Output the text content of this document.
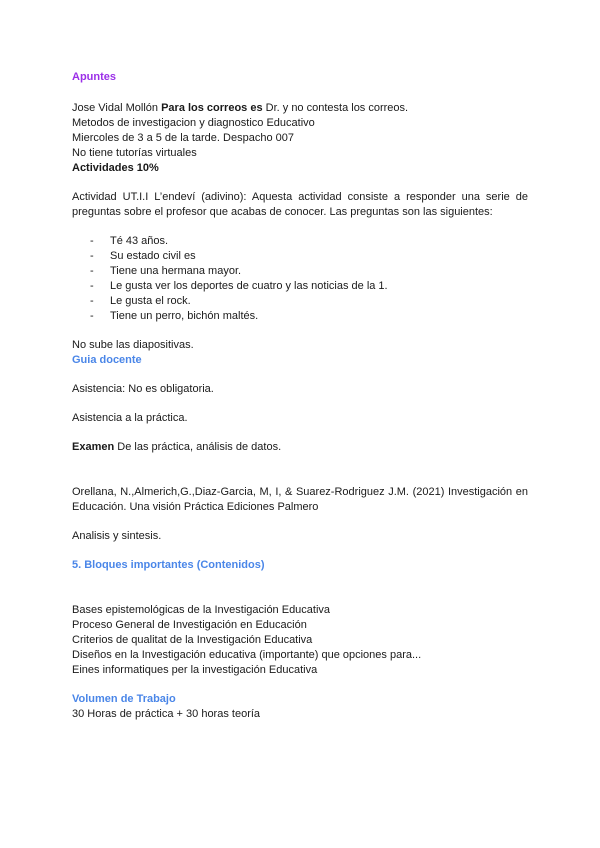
Apuntes
Jose Vidal Mollón Para los correos es Dr. y no contesta los correos.
Metodos de investigacion y diagnostico Educativo
Miercoles de 3 a 5 de la tarde. Despacho 007
No tiene tutorías virtuales
Actividades 10%
Actividad UT.I.I L’endeví (adivino): Aquesta actividad consiste a responder una serie de preguntas sobre el profesor que acabas de conocer. Las preguntas son las siguientes:
- Té 43 años.
- Su estado civil es
- Tiene una hermana mayor.
- Le gusta ver los deportes de cuatro y las noticias de la 1.
- Le gusta el rock.
- Tiene un perro, bichón maltés.
No sube las diapositivas.
Guia docente
Asistencia: No es obligatoria.
Asistencia a la práctica.
Examen De las práctica, análisis de datos.
Orellana, N.,Almerich,G.,Diaz-Garcia, M, I, & Suarez-Rodriguez J.M. (2021) Investigación en Educación. Una visión Práctica Ediciones Palmero
Analisis y sintesis.
5. Bloques importantes (Contenidos)
Bases epistemológicas de la Investigación Educativa
Proceso General de Investigación en Educación
Criterios de qualitat de la Investigación Educativa
Diseños en la Investigación educativa (importante) que opciones para...
Eines informatiques per la investigación Educativa
Volumen de Trabajo
30 Horas de práctica + 30 horas teoría
